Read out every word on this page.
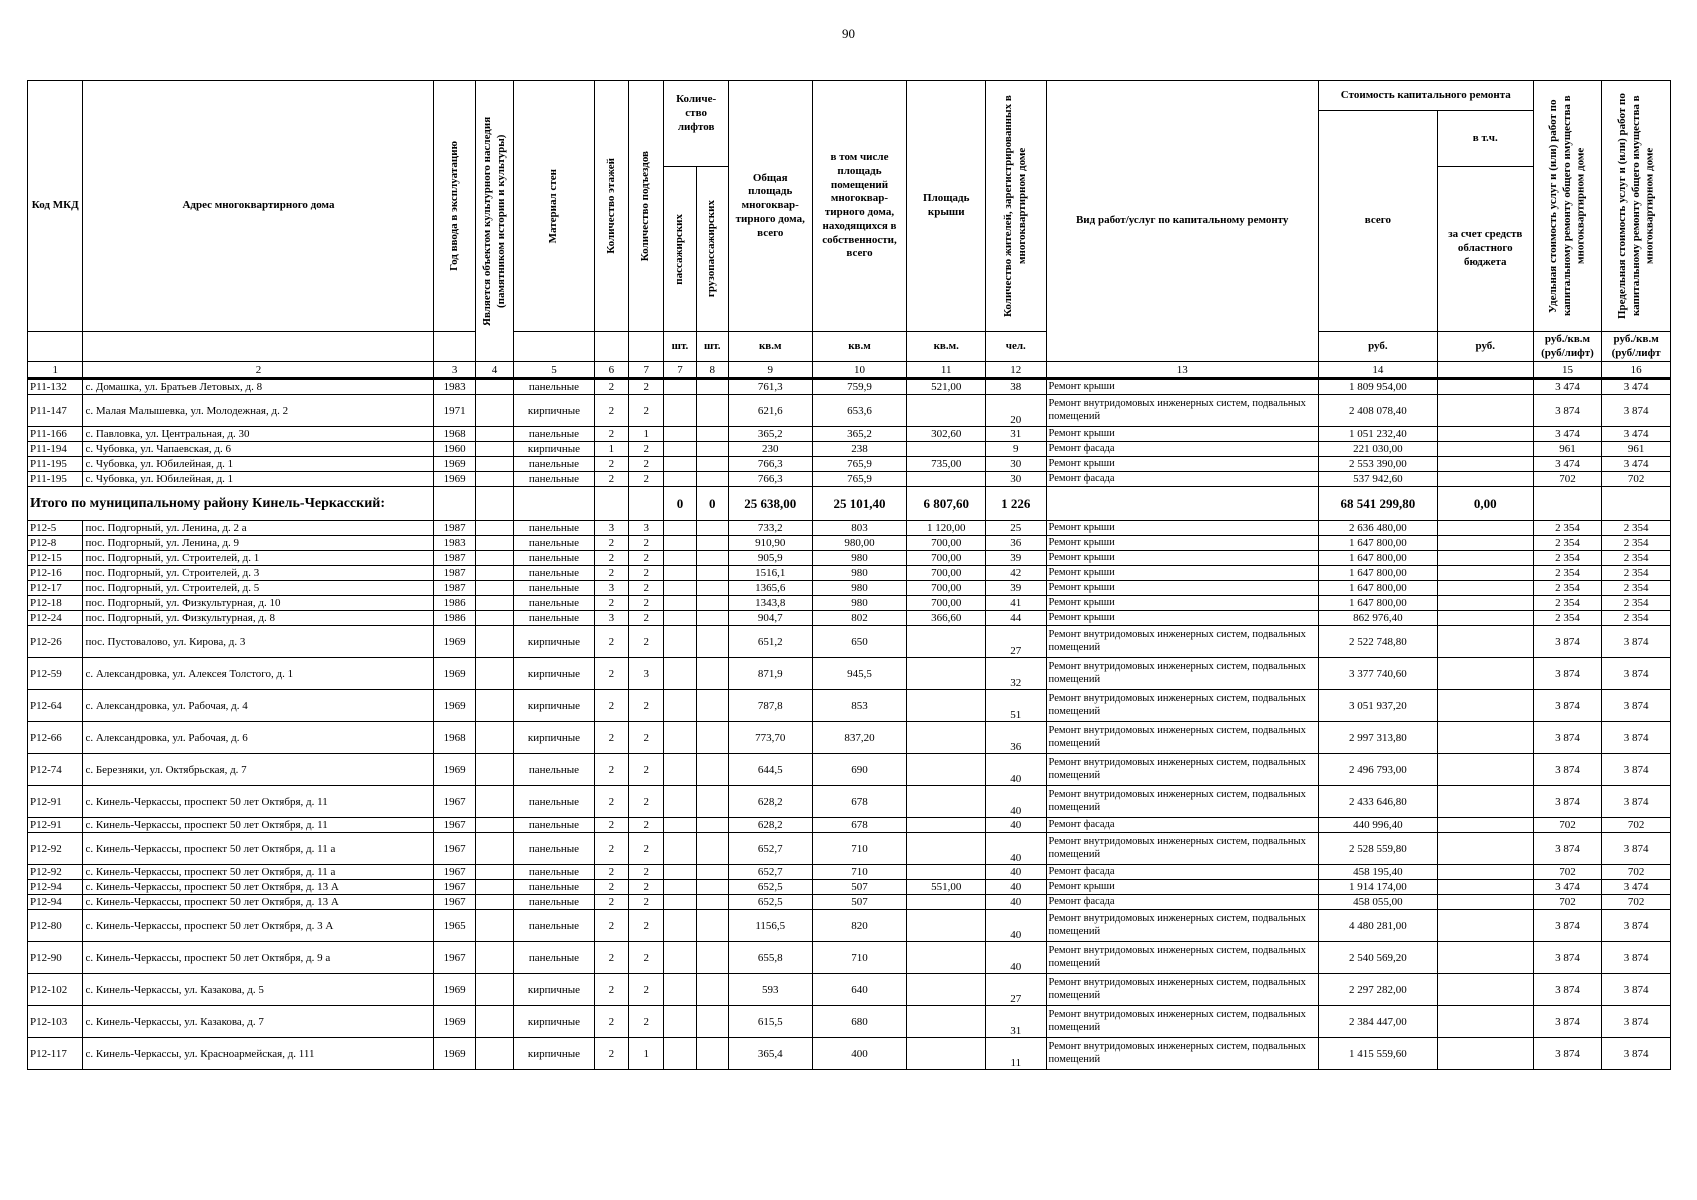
90
Код МКД	Адрес многоквартирного дома	Год ввода в эксплуатацию	Является объектом культурного наследия (памятником истории и культуры)	Материал стен	Количество этажей	Количество подъездов	Количе-ство лифтов		Общая площадь многоквар-тирного дома, всего	в том числе площадь помещений многоквар-тирного дома, находящихся в собственности, всего	Площадь крыши	Количество жителей, зарегистрированных в многоквартирном доме	Вид работ/услуг по капитальному ремонту	Стоимость капитального ремонта		Удельная стоимость услуг и (или) работ по капитальному ремонту общего имущества в многоквартирном доме	Предельная стоимость услуг и (или) работ по капитальному ремонту общего имущества в многоквартирном доме

														всего	в т.ч.		

							пассажирских	грузопассажирских							за счет средств областного бюджета		
							шт.	шт.	кв.м	кв.м	кв.м.	чел.		руб.	руб.	руб./кв.м (руб/лифт)	руб./кв.м (руб/лифт
1	2	3	4	5	6	7	7	8	9	10	11	12	13	14		15	16
Р11-132	с. Домашка, ул. Братьев Летовых, д. 8	1983		панельные	2	2			761,3	759,9	521,00	38	Ремонт крыши	1 809 954,00		3 474	3 474
Р11-147	с. Малая Малышевка, ул. Молодежная, д. 2	1971		кирпичные	2	2			621,6	653,6		20	Ремонт внутридомовых инженерных систем, подвальных помещений	2 408 078,40		3 874	3 874
Р11-166	с. Павловка, ул. Центральная, д. 30	1968		панельные	2	1			365,2	365,2	302,60	31	Ремонт крыши	1 051 232,40		3 474	3 474
Р11-194	с. Чубовка, ул. Чапаевская, д. 6	1960		кирпичные	1	2			230	238		9	Ремонт фасада	221 030,00		961	961
Р11-195	с. Чубовка, ул. Юбилейная, д. 1	1969		панельные	2	2			766,3	765,9	735,00	30	Ремонт крыши	2 553 390,00		3 474	3 474
Р11-195	с. Чубовка, ул. Юбилейная, д. 1	1969		панельные	2	2			766,3	765,9		30	Ремонт фасада	537 942,60		702	702
Итого по муниципальному району Кинель-Черкасский:							0	0	25 638,00	25 101,40	6 807,60	1 226		68 541 299,80	0,00		
Р12-5	пос. Подгорный, ул. Ленина, д. 2 а	1987		панельные	3	3			733,2	803	1 120,00	25	Ремонт крыши	2 636 480,00		2 354	2 354
Р12-8	пос. Подгорный, ул. Ленина, д. 9	1983		панельные	2	2			910,90	980,00	700,00	36	Ремонт крыши	1 647 800,00		2 354	2 354
Р12-15	пос. Подгорный, ул. Строителей, д. 1	1987		панельные	2	2			905,9	980	700,00	39	Ремонт крыши	1 647 800,00		2 354	2 354
Р12-16	пос. Подгорный, ул. Строителей, д. 3	1987		панельные	2	2			1516,1	980	700,00	42	Ремонт крыши	1 647 800,00		2 354	2 354
Р12-17	пос. Подгорный, ул. Строителей, д. 5	1987		панельные	3	2			1365,6	980	700,00	39	Ремонт крыши	1 647 800,00		2 354	2 354
Р12-18	пос. Подгорный, ул. Физкультурная, д. 10	1986		панельные	2	2			1343,8	980	700,00	41	Ремонт крыши	1 647 800,00		2 354	2 354
Р12-24	пос. Подгорный, ул. Физкультурная, д. 8	1986		панельные	3	2			904,7	802	366,60	44	Ремонт крыши	862 976,40		2 354	2 354
Р12-26	пос. Пустовалово, ул. Кирова, д. 3	1969		кирпичные	2	2			651,2	650		27	Ремонт внутридомовых инженерных систем, подвальных помещений	2 522 748,80		3 874	3 874
Р12-59	с. Александровка, ул. Алексея Толстого, д. 1	1969		кирпичные	2	3			871,9	945,5		32	Ремонт внутридомовых инженерных систем, подвальных помещений	3 377 740,60		3 874	3 874
Р12-64	с. Александровка, ул. Рабочая, д. 4	1969		кирпичные	2	2			787,8	853		51	Ремонт внутридомовых инженерных систем, подвальных помещений	3 051 937,20		3 874	3 874
Р12-66	с. Александровка, ул. Рабочая, д. 6	1968		кирпичные	2	2			773,70	837,20		36	Ремонт внутридомовых инженерных систем, подвальных помещений	2 997 313,80		3 874	3 874
Р12-74	с. Березняки, ул. Октябрьская, д. 7	1969		панельные	2	2			644,5	690		40	Ремонт внутридомовых инженерных систем, подвальных помещений	2 496 793,00		3 874	3 874
Р12-91	с. Кинель-Черкассы, проспект 50 лет Октября, д. 11	1967		панельные	2	2			628,2	678		40	Ремонт внутридомовых инженерных систем, подвальных помещений	2 433 646,80		3 874	3 874
Р12-91	с. Кинель-Черкассы, проспект 50 лет Октября, д. 11	1967		панельные	2	2			628,2	678		40	Ремонт фасада	440 996,40		702	702
Р12-92	с. Кинель-Черкассы, проспект 50 лет Октября, д. 11 а	1967		панельные	2	2			652,7	710		40	Ремонт внутридомовых инженерных систем, подвальных помещений	2 528 559,80		3 874	3 874
Р12-92	с. Кинель-Черкассы, проспект 50 лет Октября, д. 11 а	1967		панельные	2	2			652,7	710		40	Ремонт фасада	458 195,40		702	702
Р12-94	с. Кинель-Черкассы, проспект 50 лет Октября, д. 13 А	1967		панельные	2	2			652,5	507	551,00	40	Ремонт крыши	1 914 174,00		3 474	3 474
Р12-94	с. Кинель-Черкассы, проспект 50 лет Октября, д. 13 А	1967		панельные	2	2			652,5	507		40	Ремонт фасада	458 055,00		702	702
Р12-80	с. Кинель-Черкассы, проспект 50 лет Октября, д. 3 А	1965		панельные	2	2			1156,5	820		40	Ремонт внутридомовых инженерных систем, подвальных помещений	4 480 281,00		3 874	3 874
Р12-90	с. Кинель-Черкассы, проспект 50 лет Октября, д. 9 а	1967		панельные	2	2			655,8	710		40	Ремонт внутридомовых инженерных систем, подвальных помещений	2 540 569,20		3 874	3 874
Р12-102	с. Кинель-Черкассы, ул. Казакова, д. 5	1969		кирпичные	2	2			593	640		27	Ремонт внутридомовых инженерных систем, подвальных помещений	2 297 282,00		3 874	3 874
Р12-103	с. Кинель-Черкассы, ул. Казакова, д. 7	1969		кирпичные	2	2			615,5	680		31	Ремонт внутридомовых инженерных систем, подвальных помещений	2 384 447,00		3 874	3 874
Р12-117	с. Кинель-Черкассы, ул. Красноармейская, д. 111	1969		кирпичные	2	1			365,4	400		11	Ремонт внутридомовых инженерных систем, подвальных помещений	1 415 559,60		3 874	3 874
